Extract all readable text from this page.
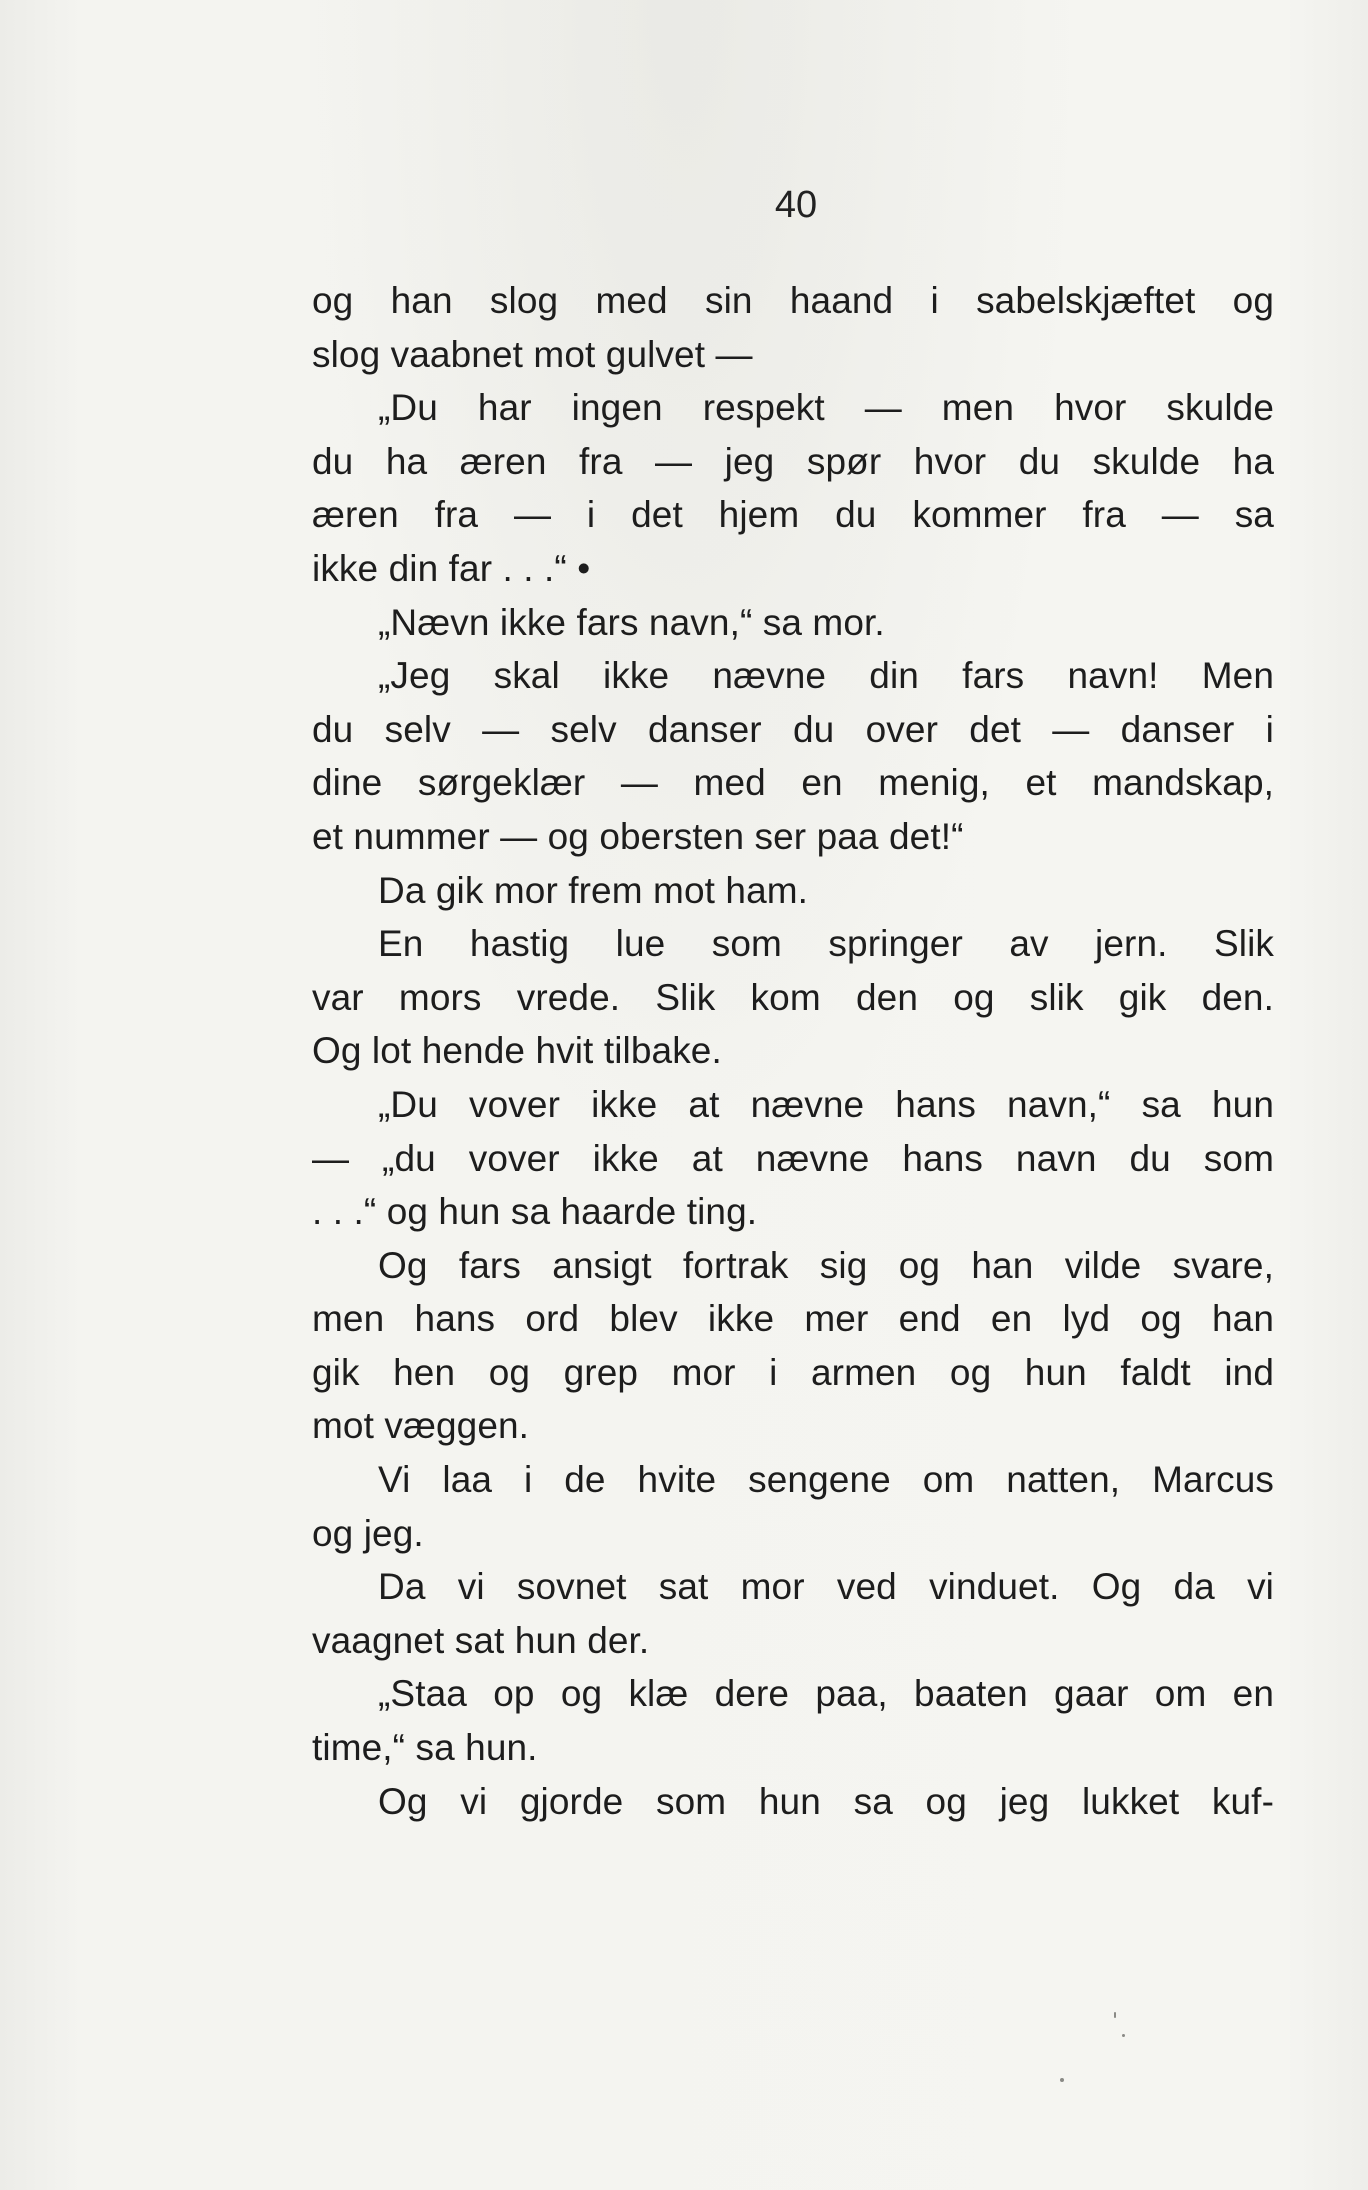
40
og han slog med sin haand i sabelskjæftet og
slog vaabnet mot gulvet —
„Du har ingen respekt — men hvor skulde
du ha æren fra — jeg spør hvor du skulde ha
æren fra — i det hjem du kommer fra — sa
ikke din far . . .“ •
„Nævn ikke fars navn,“ sa mor.
„Jeg skal ikke nævne din fars navn! Men
du selv — selv danser du over det — danser i
dine sørgeklær — med en menig, et mandskap,
et nummer — og obersten ser paa det!“
Da gik mor frem mot ham.
En hastig lue som springer av jern. Slik
var mors vrede. Slik kom den og slik gik den.
Og lot hende hvit tilbake.
„Du vover ikke at nævne hans navn,“ sa hun
— „du vover ikke at nævne hans navn du som
. . .“ og hun sa haarde ting.
Og fars ansigt fortrak sig og han vilde svare,
men hans ord blev ikke mer end en lyd og han
gik hen og grep mor i armen og hun faldt ind
mot væggen.
Vi laa i de hvite sengene om natten, Marcus
og jeg.
Da vi sovnet sat mor ved vinduet. Og da vi
vaagnet sat hun der.
„Staa op og klæ dere paa, baaten gaar om en
time,“ sa hun.
Og vi gjorde som hun sa og jeg lukket kuf-
